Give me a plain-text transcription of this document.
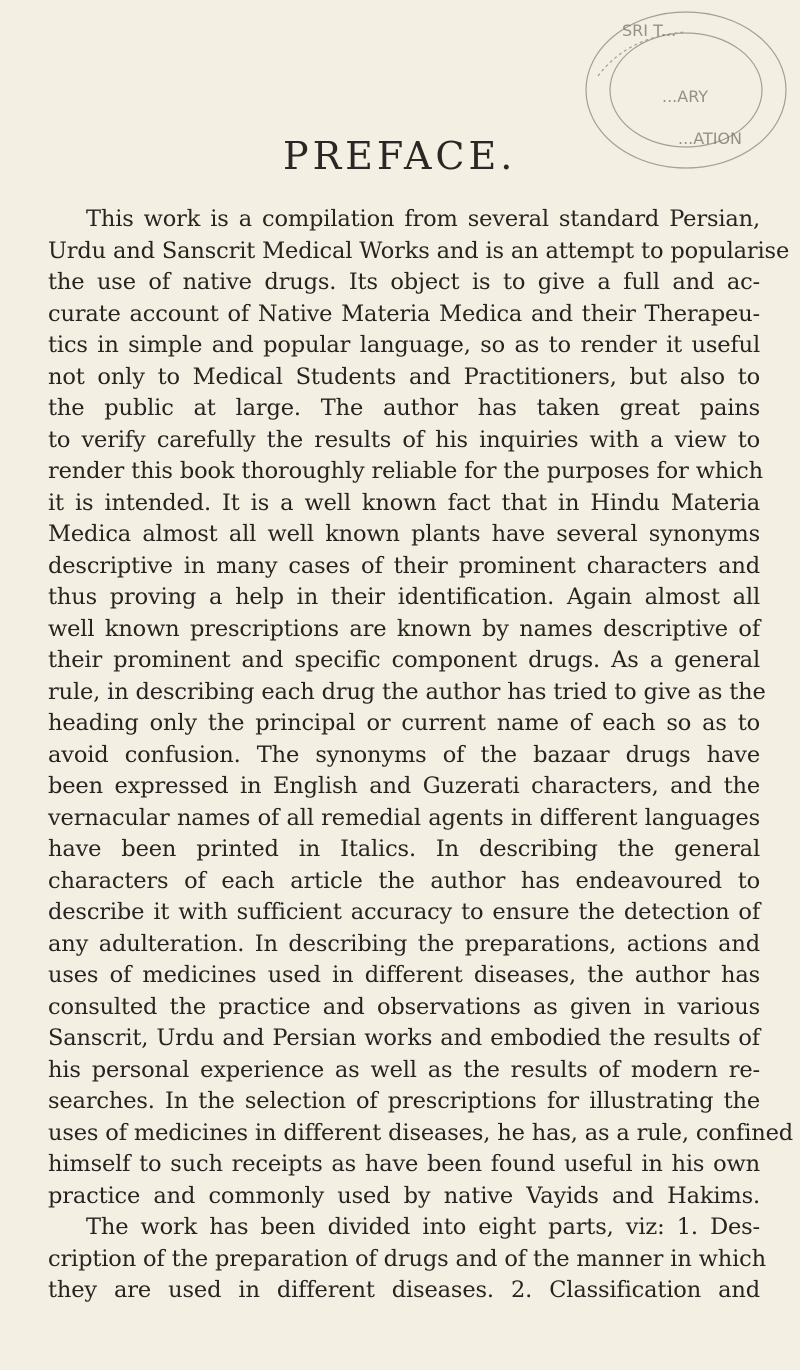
SRI T...
...ARY
...ATION
PREFACE.
This work is a compilation from several standard Persian,
Urdu and Sanscrit Medical Works and is an attempt to popularise
the use of native drugs. Its object is to give a full and ac-
curate account of Native Materia Medica and their Therapeu-
tics in simple and popular language, so as to render it useful
not only to Medical Students and Practitioners, but also to
the public at large. The author has taken great pains
to verify carefully the results of his inquiries with a view to
render this book thoroughly reliable for the purposes for which
it is intended. It is a well known fact that in Hindu Materia
Medica almost all well known plants have several synonyms
descriptive in many cases of their prominent characters and
thus proving a help in their identification. Again almost all
well known prescriptions are known by names descriptive of
their prominent and specific component drugs. As a general
rule, in describing each drug the author has tried to give as the
heading only the principal or current name of each so as to
avoid confusion. The synonyms of the bazaar drugs have
been expressed in English and Guzerati characters, and the
vernacular names of all remedial agents in different languages
have been printed in Italics. In describing the general
characters of each article the author has endeavoured to
describe it with sufficient accuracy to ensure the detection of
any adulteration. In describing the preparations, actions and
uses of medicines used in different diseases, the author has
consulted the practice and observations as given in various
Sanscrit, Urdu and Persian works and embodied the results of
his personal experience as well as the results of modern re-
searches. In the selection of prescriptions for illustrating the
uses of medicines in different diseases, he has, as a rule, confined
himself to such receipts as have been found useful in his own
practice and commonly used by native Vayids and Hakims.
The work has been divided into eight parts, viz: 1. Des-
cription of the preparation of drugs and of the manner in which
they are used in different diseases. 2. Classification and
